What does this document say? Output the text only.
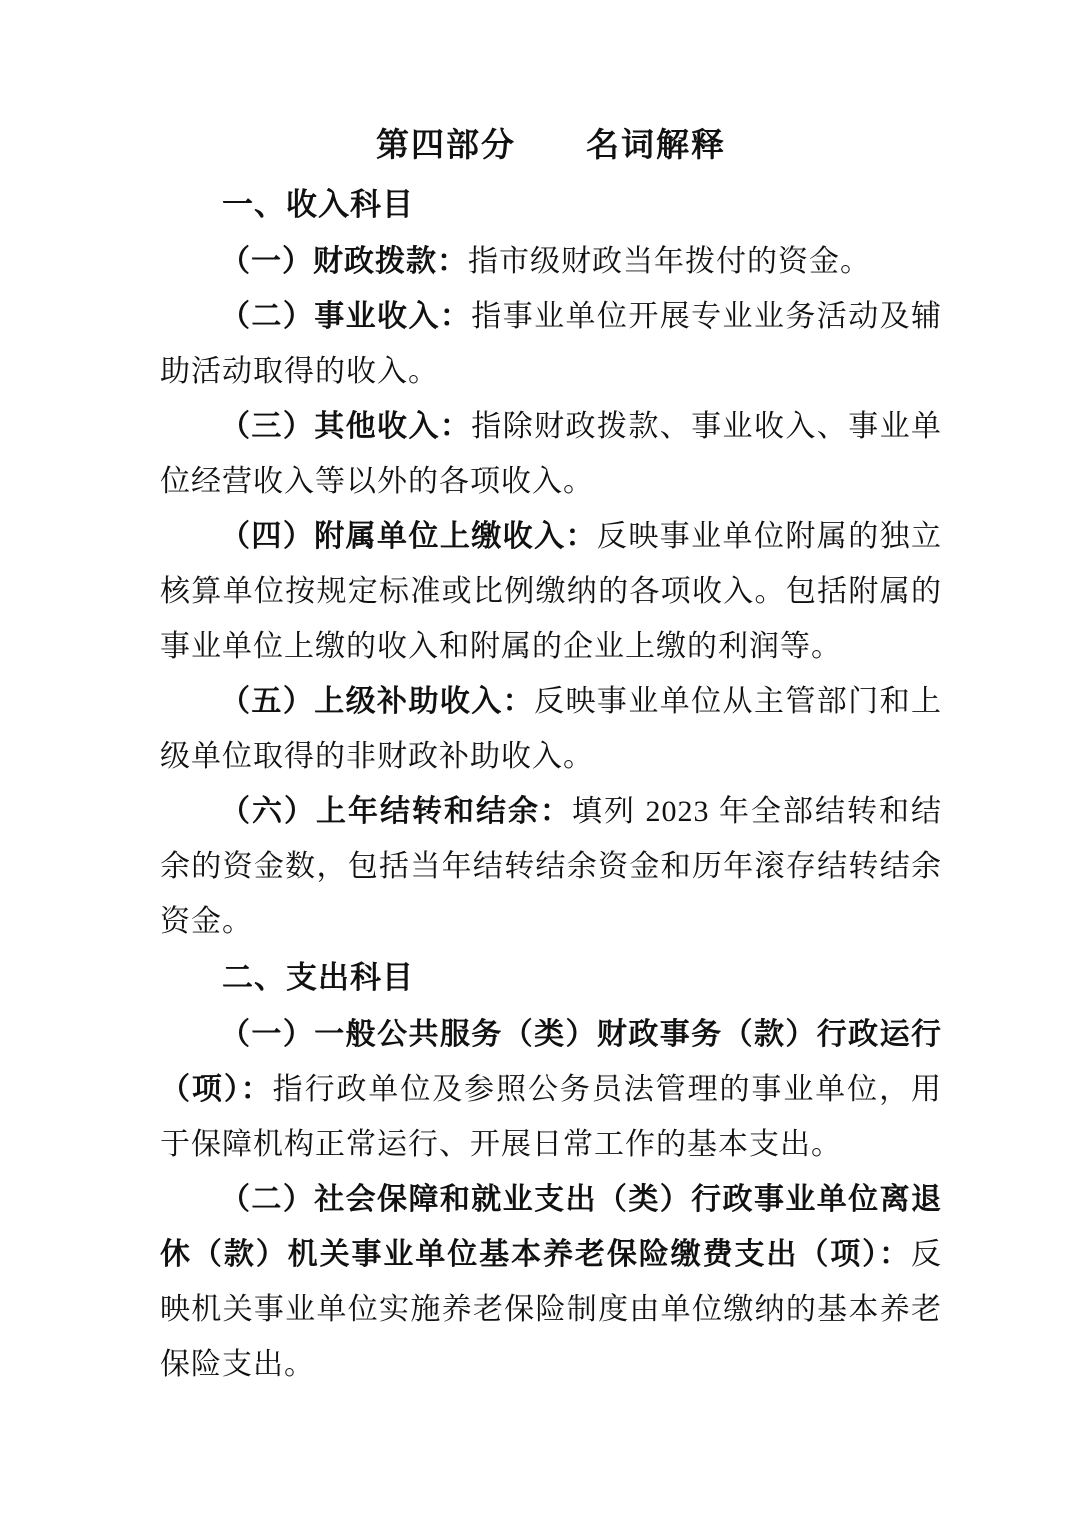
第四部分　　名词解释
一、收入科目

（一）财政拨款：指市级财政当年拨付的资金。

（二）事业收入：指事业单位开展专业业务活动及辅助活动取得的收入。

（三）其他收入：指除财政拨款、事业收入、事业单位经营收入等以外的各项收入。

（四）附属单位上缴收入：反映事业单位附属的独立核算单位按规定标准或比例缴纳的各项收入。包括附属的事业单位上缴的收入和附属的企业上缴的利润等。

（五）上级补助收入：反映事业单位从主管部门和上级单位取得的非财政补助收入。

（六）上年结转和结余：填列 2023 年全部结转和结余的资金数，包括当年结转结余资金和历年滚存结转结余资金。

二、支出科目

（一）一般公共服务（类）财政事务（款）行政运行（项）：指行政单位及参照公务员法管理的事业单位，用于保障机构正常运行、开展日常工作的基本支出。

（二）社会保障和就业支出（类）行政事业单位离退休（款）机关事业单位基本养老保险缴费支出（项）：反映机关事业单位实施养老保险制度由单位缴纳的基本养老保险支出。
